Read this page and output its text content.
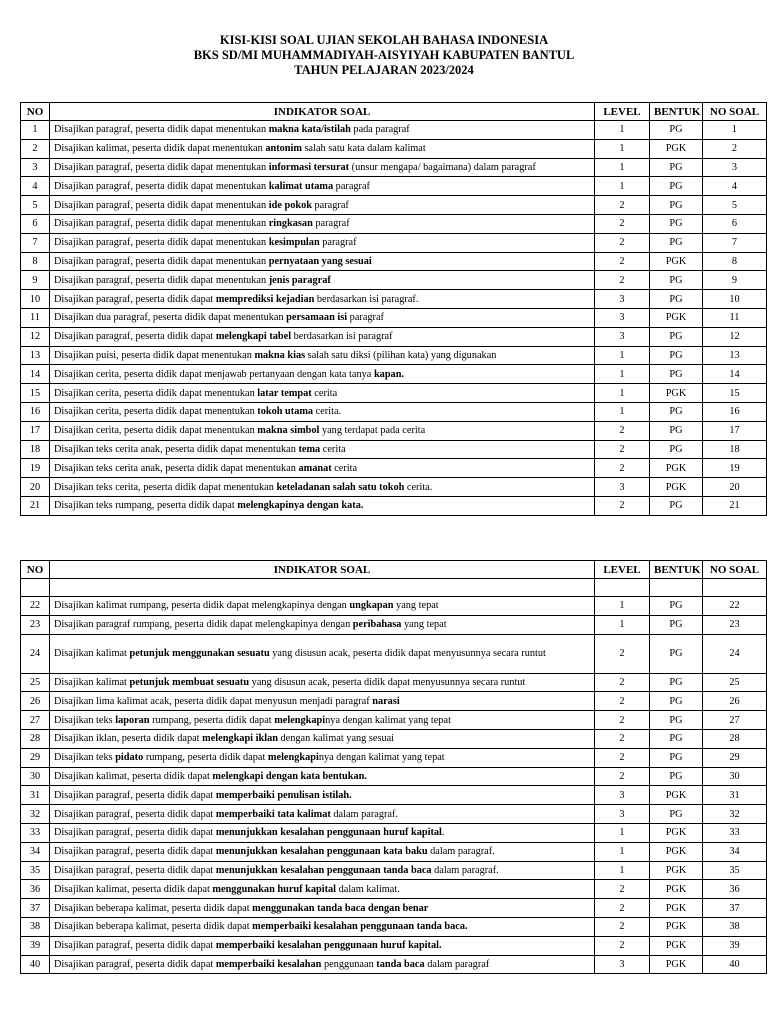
KISI-KISI SOAL UJIAN SEKOLAH BAHASA INDONESIA
BKS SD/MI MUHAMMADIYAH-AISYIYAH KABUPATEN BANTUL
TAHUN PELAJARAN 2023/2024
NO	INDIKATOR SOAL	LEVEL	BENTUK	NO SOAL
1	Disajikan paragraf, peserta didik dapat menentukan makna kata/istilah pada paragraf	1	PG	1
2	Disajikan kalimat, peserta didik dapat menentukan antonim salah satu kata dalam kalimat	1	PGK	2
3	Disajikan paragraf, peserta didik dapat menentukan informasi tersurat (unsur mengapa/ bagaimana) dalam paragraf	1	PG	3
4	Disajikan paragraf, peserta didik dapat menentukan kalimat utama paragraf	1	PG	4
5	Disajikan paragraf, peserta didik dapat menentukan ide pokok paragraf	2	PG	5
6	Disajikan paragraf, peserta didik dapat menentukan ringkasan paragraf	2	PG	6
7	Disajikan paragraf, peserta didik dapat menentukan kesimpulan paragraf	2	PG	7
8	Disajikan paragraf, peserta didik dapat menentukan pernyataan yang sesuai	2	PGK	8
9	Disajikan paragraf, peserta didik dapat menentukan jenis paragraf	2	PG	9
10	Disajikan paragraf, peserta didik dapat memprediksi kejadian berdasarkan isi paragraf.	3	PG	10
11	Disajikan dua paragraf, peserta didik dapat menentukan persamaan isi paragraf	3	PGK	11
12	Disajikan paragraf, peserta didik dapat melengkapi tabel berdasarkan isi paragraf	3	PG	12
13	Disajikan puisi, peserta didik dapat menentukan makna kias salah satu diksi (pilihan kata) yang digunakan	1	PG	13
14	Disajikan cerita, peserta didik dapat menjawab pertanyaan dengan kata tanya kapan.	1	PG	14
15	Disajikan cerita, peserta didik dapat menentukan latar tempat cerita	1	PGK	15
16	Disajikan cerita, peserta didik dapat menentukan tokoh utama cerita.	1	PG	16
17	Disajikan cerita, peserta didik dapat menentukan makna simbol yang terdapat pada cerita	2	PG	17
18	Disajikan teks cerita anak, peserta didik dapat menentukan tema cerita	2	PG	18
19	Disajikan teks cerita anak, peserta didik dapat menentukan amanat cerita	2	PGK	19
20	Disajikan teks cerita, peserta didik dapat menentukan keteladanan salah satu tokoh cerita.	3	PGK	20
21	Disajikan teks rumpang, peserta didik dapat melengkapinya dengan kata.	2	PG	21
NO	INDIKATOR SOAL	LEVEL	BENTUK	NO SOAL

22	Disajikan kalimat rumpang, peserta didik dapat melengkapinya dengan ungkapan yang tepat	1	PG	22
23	Disajikan paragraf rumpang, peserta didik dapat melengkapinya dengan peribahasa yang tepat	1	PG	23
24	Disajikan kalimat petunjuk menggunakan sesuatu yang disusun acak, peserta didik dapat menyusunnya secara runtut	2	PG	24
25	Disajikan kalimat petunjuk membuat sesuatu yang disusun acak, peserta didik dapat menyusunnya secara runtut	2	PG	25
26	Disajikan lima kalimat acak, peserta didik dapat menyusun menjadi paragraf narasi	2	PG	26
27	Disajikan teks laporan rumpang, peserta didik dapat melengkapinya dengan kalimat yang tepat	2	PG	27
28	Disajikan iklan, peserta didik dapat melengkapi iklan dengan kalimat yang sesuai	2	PG	28
29	Disajikan teks pidato rumpang, peserta didik dapat melengkapinya dengan kalimat yang tepat	2	PG	29
30	Disajikan kalimat, peserta didik dapat melengkapi dengan kata bentukan.	2	PG	30
31	Disajikan paragraf, peserta didik dapat memperbaiki penulisan istilah.	3	PGK	31
32	Disajikan paragraf, peserta didik dapat memperbaiki tata kalimat dalam paragraf.	3	PG	32
33	Disajikan paragraf, peserta didik dapat menunjukkan kesalahan penggunaan huruf kapital.	1	PGK	33
34	Disajikan paragraf, peserta didik dapat menunjukkan kesalahan penggunaan kata baku dalam paragraf.	1	PGK	34
35	Disajikan paragraf, peserta didik dapat menunjukkan kesalahan penggunaan tanda baca dalam paragraf.	1	PGK	35
36	Disajikan kalimat, peserta didik dapat menggunakan huruf kapital dalam kalimat.	2	PGK	36
37	Disajikan beberapa kalimat, peserta didik dapat menggunakan tanda baca dengan benar	2	PGK	37
38	Disajikan beberapa kalimat, peserta didik dapat memperbaiki kesalahan penggunaan tanda baca.	2	PGK	38
39	Disajikan paragraf, peserta didik dapat memperbaiki kesalahan penggunaan huruf kapital.	2	PGK	39
40	Disajikan paragraf, peserta didik dapat memperbaiki kesalahan penggunaan tanda baca dalam paragraf	3	PGK	40
